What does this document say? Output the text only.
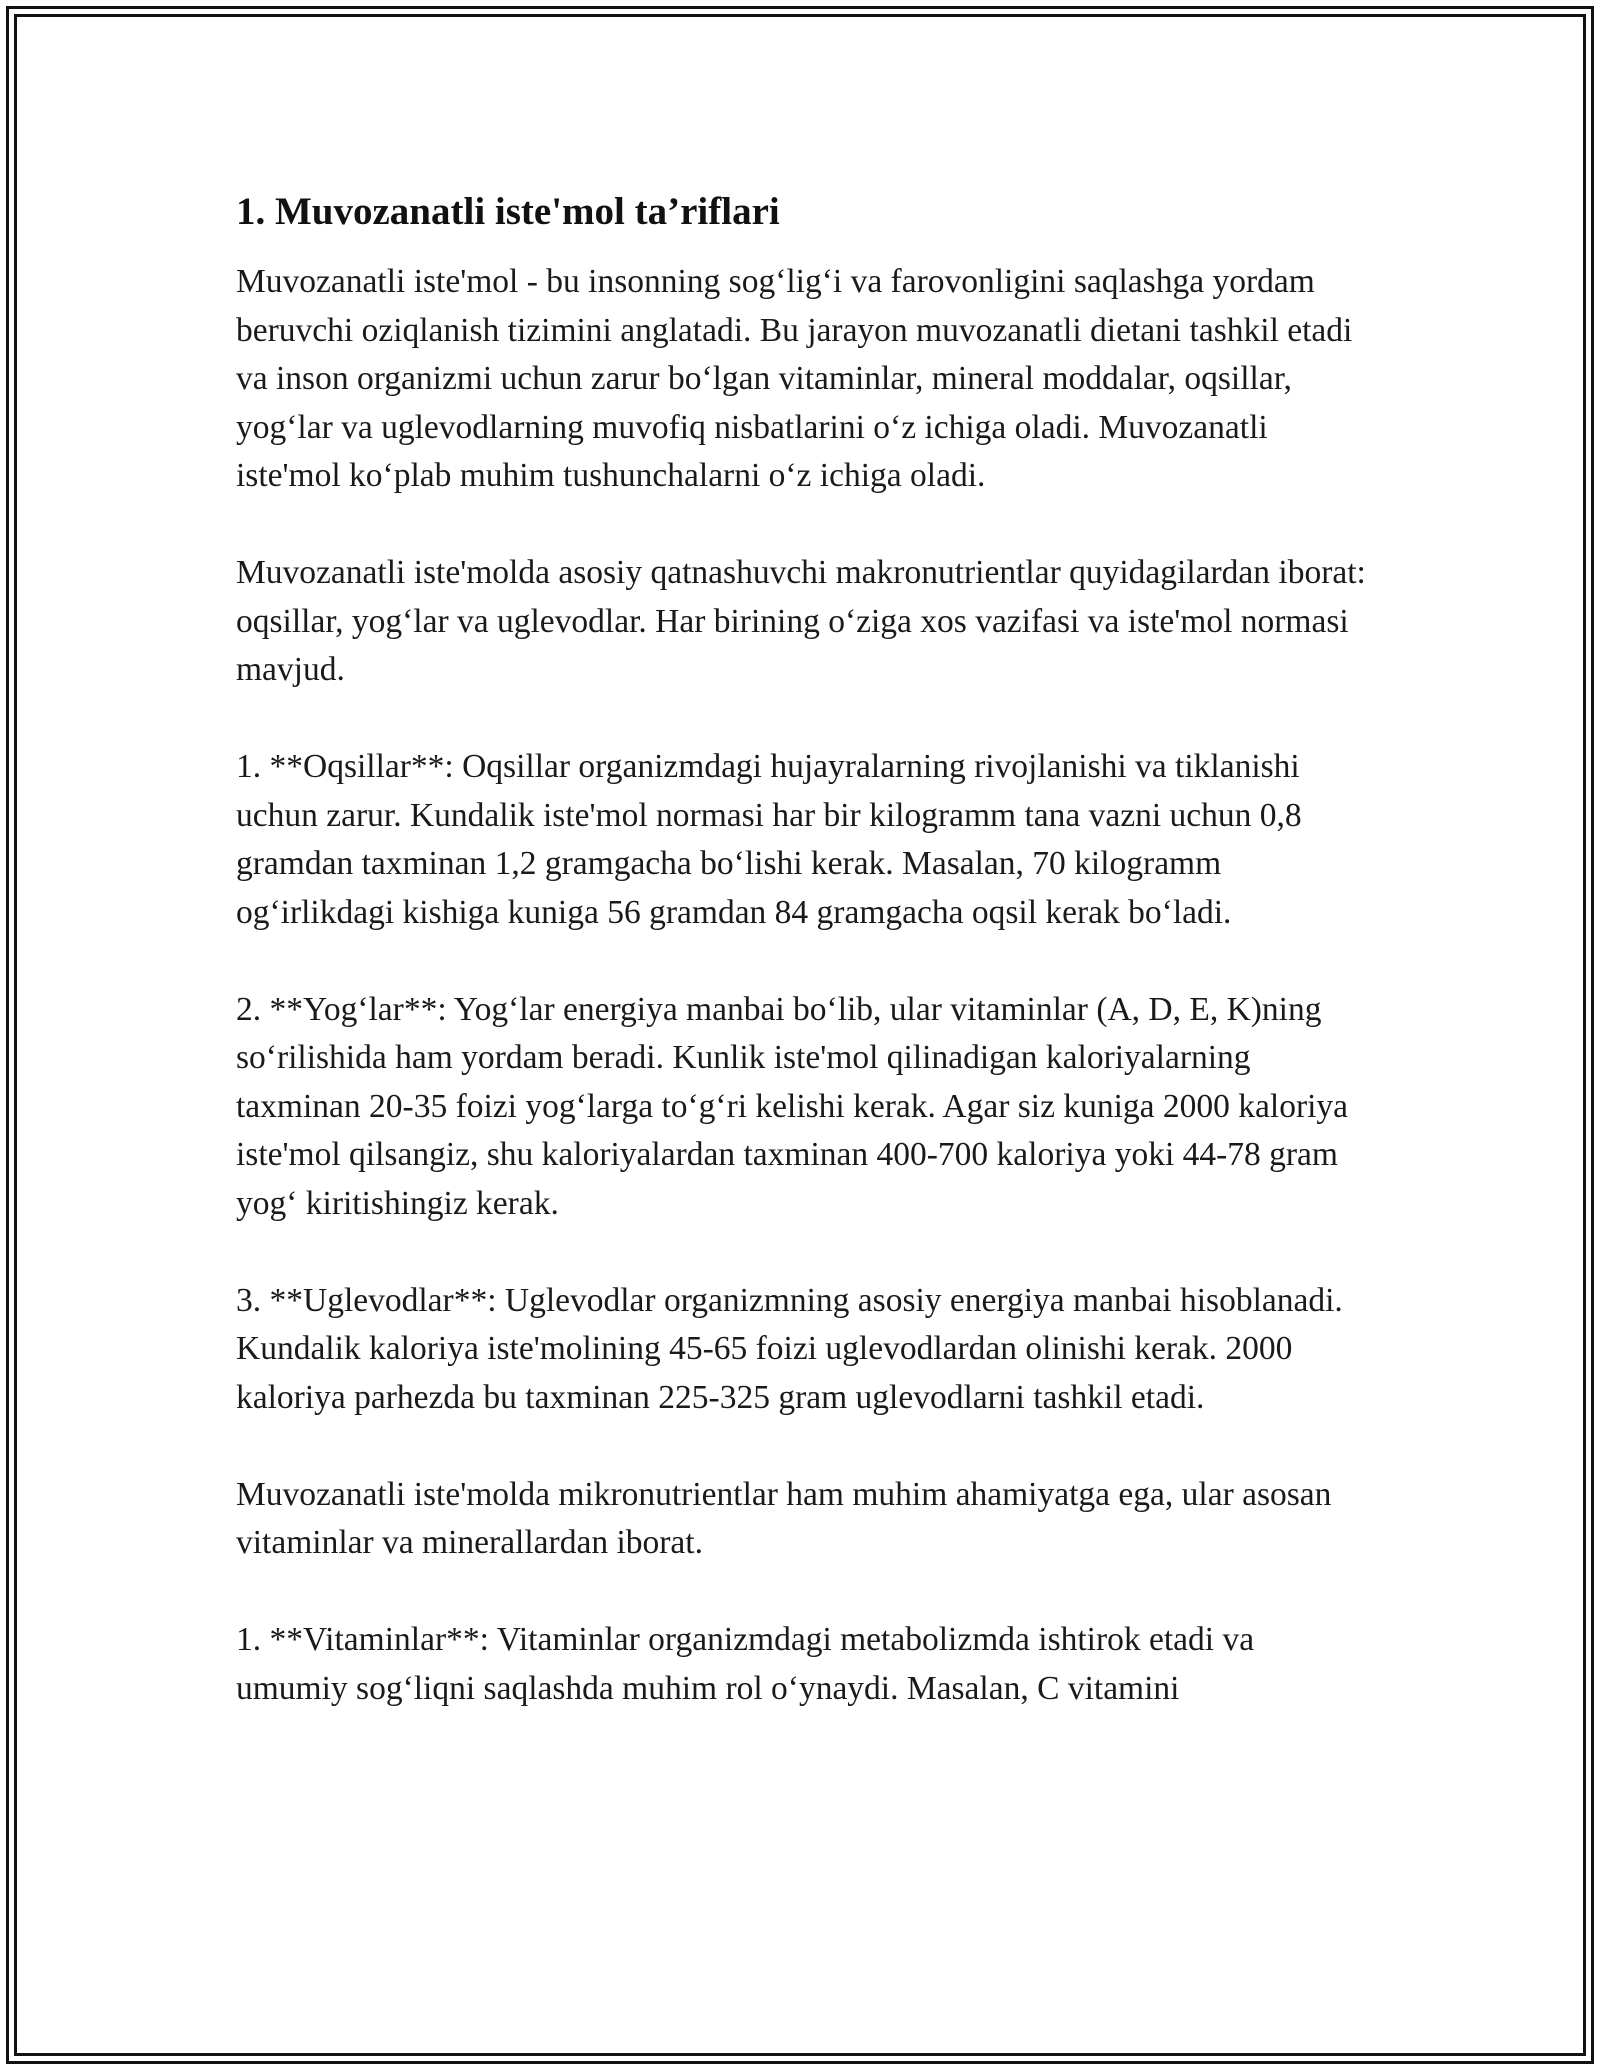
1. Muvozanatli iste'mol ta’riflari

Muvozanatli iste'mol - bu insonning sog‘lig‘i va farovonligini saqlashga yordam beruvchi oziqlanish tizimini anglatadi. Bu jarayon muvozanatli dietani tashkil etadi va inson organizmi uchun zarur bo‘lgan vitaminlar, mineral moddalar, oqsillar, yog‘lar va uglevodlarning muvofiq nisbatlarini o‘z ichiga oladi. Muvozanatli iste'mol ko‘plab muhim tushunchalarni o‘z ichiga oladi.

Muvozanatli iste'molda asosiy qatnashuvchi makronutrientlar quyidagilardan iborat: oqsillar, yog‘lar va uglevodlar. Har birining o‘ziga xos vazifasi va iste'mol normasi mavjud.

1. **Oqsillar**: Oqsillar organizmdagi hujayralarning rivojlanishi va tiklanishi uchun zarur. Kundalik iste'mol normasi har bir kilogramm tana vazni uchun 0,8 gramdan taxminan 1,2 gramgacha bo‘lishi kerak. Masalan, 70 kilogramm og‘irlikdagi kishiga kuniga 56 gramdan 84 gramgacha oqsil kerak bo‘ladi.

2. **Yog‘lar**: Yog‘lar energiya manbai bo‘lib, ular vitaminlar (A, D, E, K)ning so‘rilishida ham yordam beradi. Kunlik iste'mol qilinadigan kaloriyalarning taxminan 20-35 foizi yog‘larga to‘g‘ri kelishi kerak. Agar siz kuniga 2000 kaloriya iste'mol qilsangiz, shu kaloriyalardan taxminan 400-700 kaloriya yoki 44-78 gram yog‘ kiritishingiz kerak.

3. **Uglevodlar**: Uglevodlar organizmning asosiy energiya manbai hisoblanadi. Kundalik kaloriya iste'molining 45-65 foizi uglevodlardan olinishi kerak. 2000 kaloriya parhezda bu taxminan 225-325 gram uglevodlarni tashkil etadi.

Muvozanatli iste'molda mikronutrientlar ham muhim ahamiyatga ega, ular asosan vitaminlar va minerallardan iborat.

1. **Vitaminlar**: Vitaminlar organizmdagi metabolizmda ishtirok etadi va umumiy sog‘liqni saqlashda muhim rol o‘ynaydi. Masalan, C vitamini
